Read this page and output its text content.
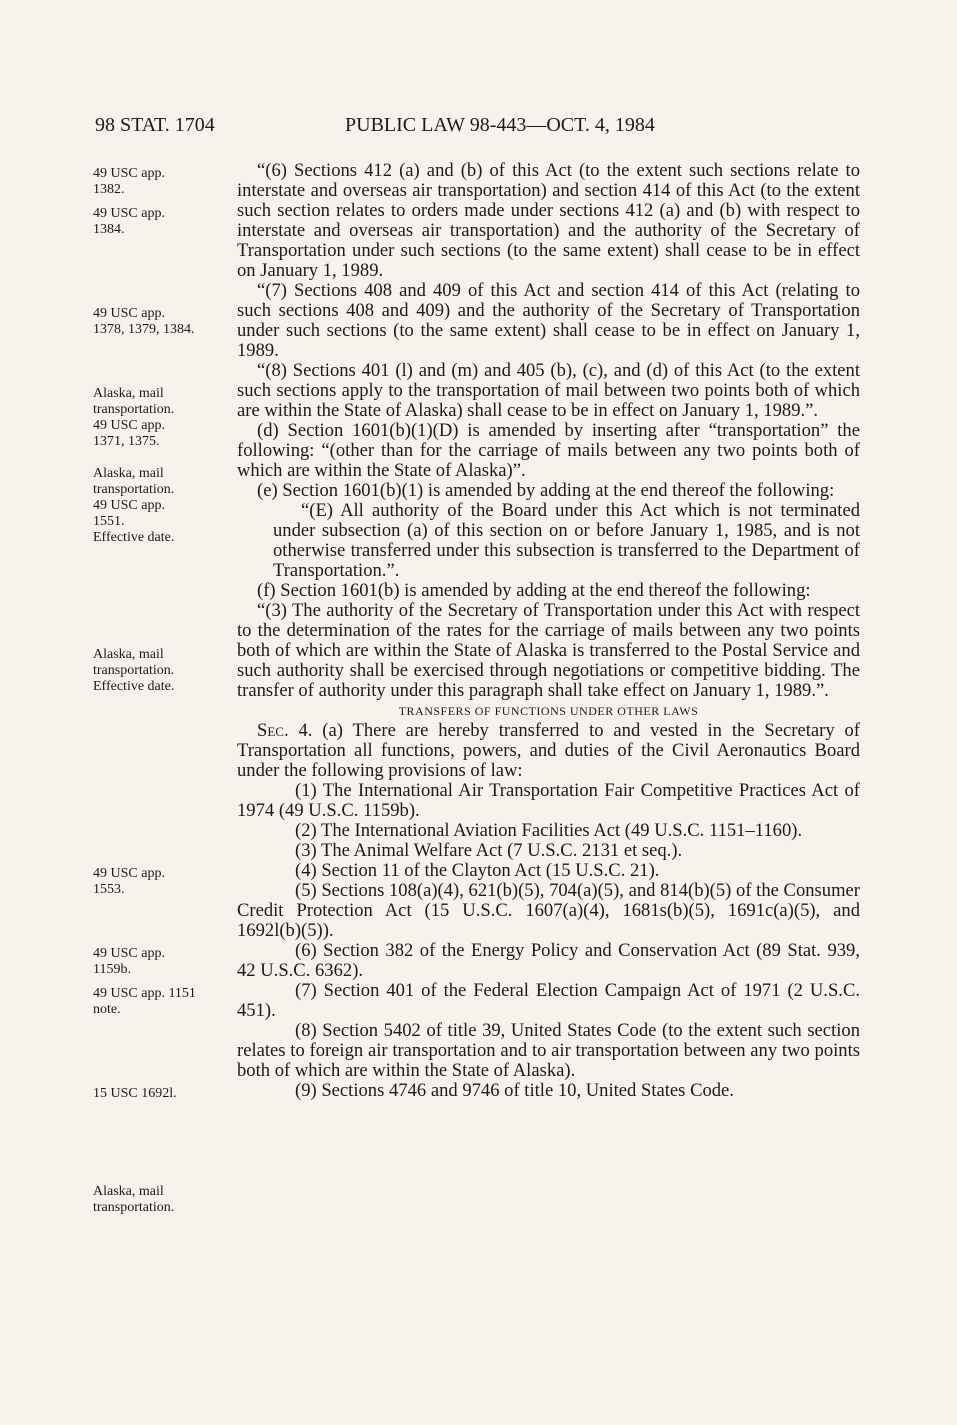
98 STAT. 1704	PUBLIC LAW 98-443—OCT. 4, 1984
49 USC app.
1382.
49 USC app.
1384.
49 USC app.
1378, 1379, 1384.
Alaska, mail
transportation.
49 USC app.
1371, 1375.
Alaska, mail
transportation.
49 USC app.
1551.
Effective date.
Alaska, mail
transportation.
Effective date.
49 USC app.
1553.
49 USC app.
1159b.
49 USC app. 1151
note.
15 USC 1692l.
Alaska, mail
transportation.

“(6) Sections 412 (a) and (b) of this Act (to the extent such sections relate to interstate and overseas air transportation) and section 414 of this Act (to the extent such section relates to orders made under sections 412 (a) and (b) with respect to interstate and overseas air transportation) and the authority of the Secretary of Transportation under such sections (to the same extent) shall cease to be in effect on January 1, 1989.

“(7) Sections 408 and 409 of this Act and section 414 of this Act (relating to such sections 408 and 409) and the authority of the Secretary of Transportation under such sections (to the same extent) shall cease to be in effect on January 1, 1989.

“(8) Sections 401 (l) and (m) and 405 (b), (c), and (d) of this Act (to the extent such sections apply to the transportation of mail between two points both of which are within the State of Alaska) shall cease to be in effect on January 1, 1989.”.

(d) Section 1601(b)(1)(D) is amended by inserting after “transportation” the following: “(other than for the carriage of mails between any two points both of which are within the State of Alaska)”.

(e) Section 1601(b)(1) is amended by adding at the end thereof the following:

“(E) All authority of the Board under this Act which is not terminated under subsection (a) of this section on or before January 1, 1985, and is not otherwise transferred under this subsection is transferred to the Department of Transportation.”.

(f) Section 1601(b) is amended by adding at the end thereof the following:

“(3) The authority of the Secretary of Transportation under this Act with respect to the determination of the rates for the carriage of mails between any two points both of which are within the State of Alaska is transferred to the Postal Service and such authority shall be exercised through negotiations or competitive bidding. The transfer of authority under this paragraph shall take effect on January 1, 1989.”.

TRANSFERS OF FUNCTIONS UNDER OTHER LAWS

Sec. 4. (a) There are hereby transferred to and vested in the Secretary of Transportation all functions, powers, and duties of the Civil Aeronautics Board under the following provisions of law:

(1) The International Air Transportation Fair Competitive Practices Act of 1974 (49 U.S.C. 1159b).

(2) The International Aviation Facilities Act (49 U.S.C. 1151–1160).

(3) The Animal Welfare Act (7 U.S.C. 2131 et seq.).

(4) Section 11 of the Clayton Act (15 U.S.C. 21).

(5) Sections 108(a)(4), 621(b)(5), 704(a)(5), and 814(b)(5) of the Consumer Credit Protection Act (15 U.S.C. 1607(a)(4), 1681s(b)(5), 1691c(a)(5), and 1692l(b)(5)).

(6) Section 382 of the Energy Policy and Conservation Act (89 Stat. 939, 42 U.S.C. 6362).

(7) Section 401 of the Federal Election Campaign Act of 1971 (2 U.S.C. 451).

(8) Section 5402 of title 39, United States Code (to the extent such section relates to foreign air transportation and to air transportation between any two points both of which are within the State of Alaska).

(9) Sections 4746 and 9746 of title 10, United States Code.
